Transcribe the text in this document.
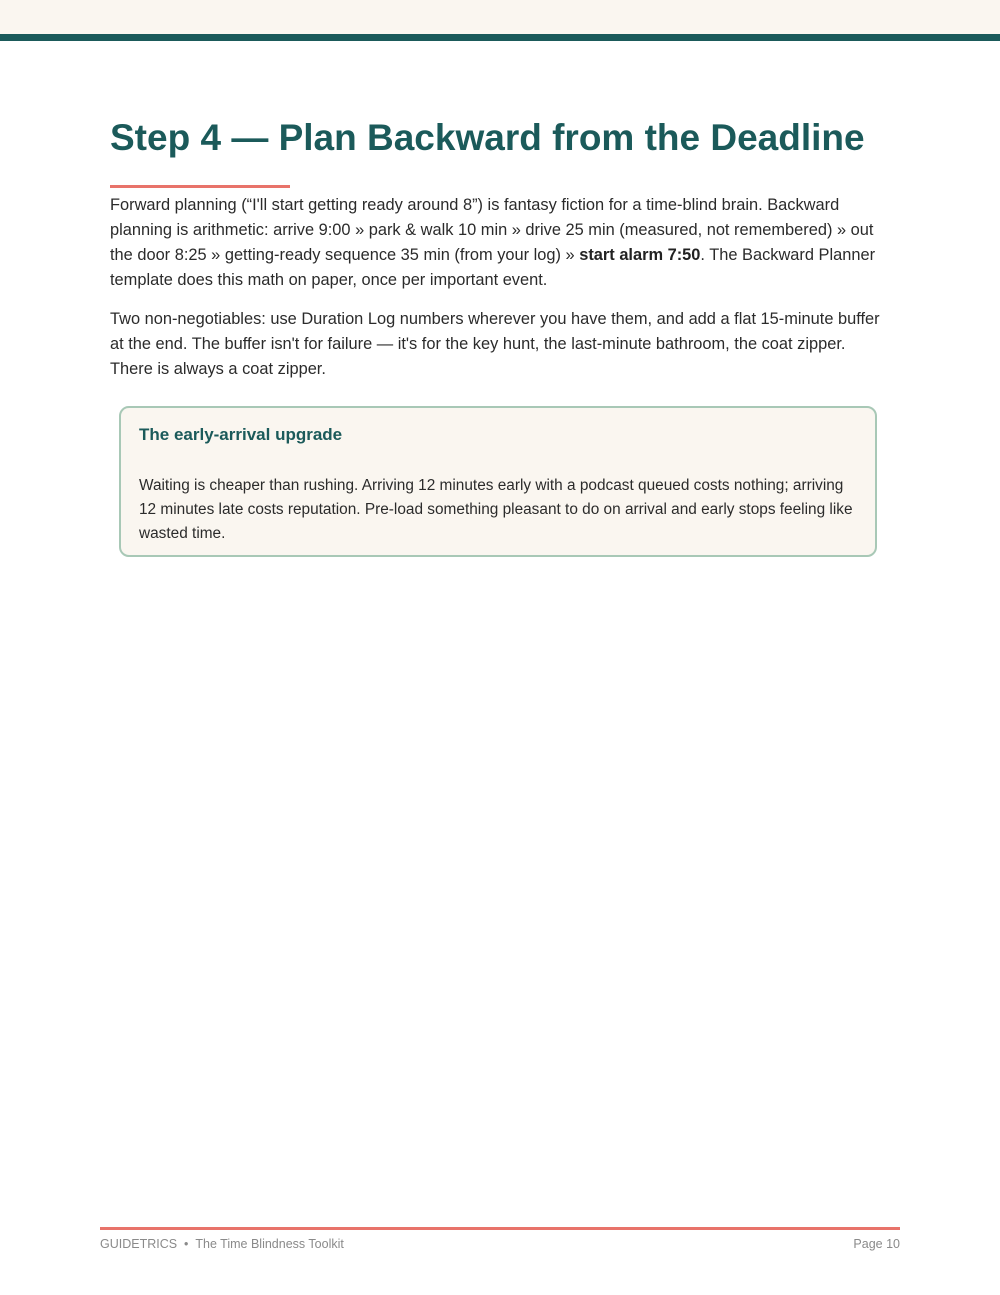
Step 4 — Plan Backward from the Deadline

Forward planning (“I'll start getting ready around 8”) is fantasy fiction for a time-blind brain. Backward planning is arithmetic: arrive 9:00 » park & walk 10 min » drive 25 min (measured, not remembered) » out the door 8:25 » getting-ready sequence 35 min (from your log) » start alarm 7:50. The Backward Planner template does this math on paper, once per important event.

Two non-negotiables: use Duration Log numbers wherever you have them, and add a flat 15-minute buffer at the end. The buffer isn't for failure — it's for the key hunt, the last-minute bathroom, the coat zipper. There is always a coat zipper.

The early-arrival upgrade

Waiting is cheaper than rushing. Arriving 12 minutes early with a podcast queued costs nothing; arriving 12 minutes late costs reputation. Pre-load something pleasant to do on arrival and early stops feeling like wasted time.

GUIDETRICS • The Time Blindness Toolkit	Page 10
